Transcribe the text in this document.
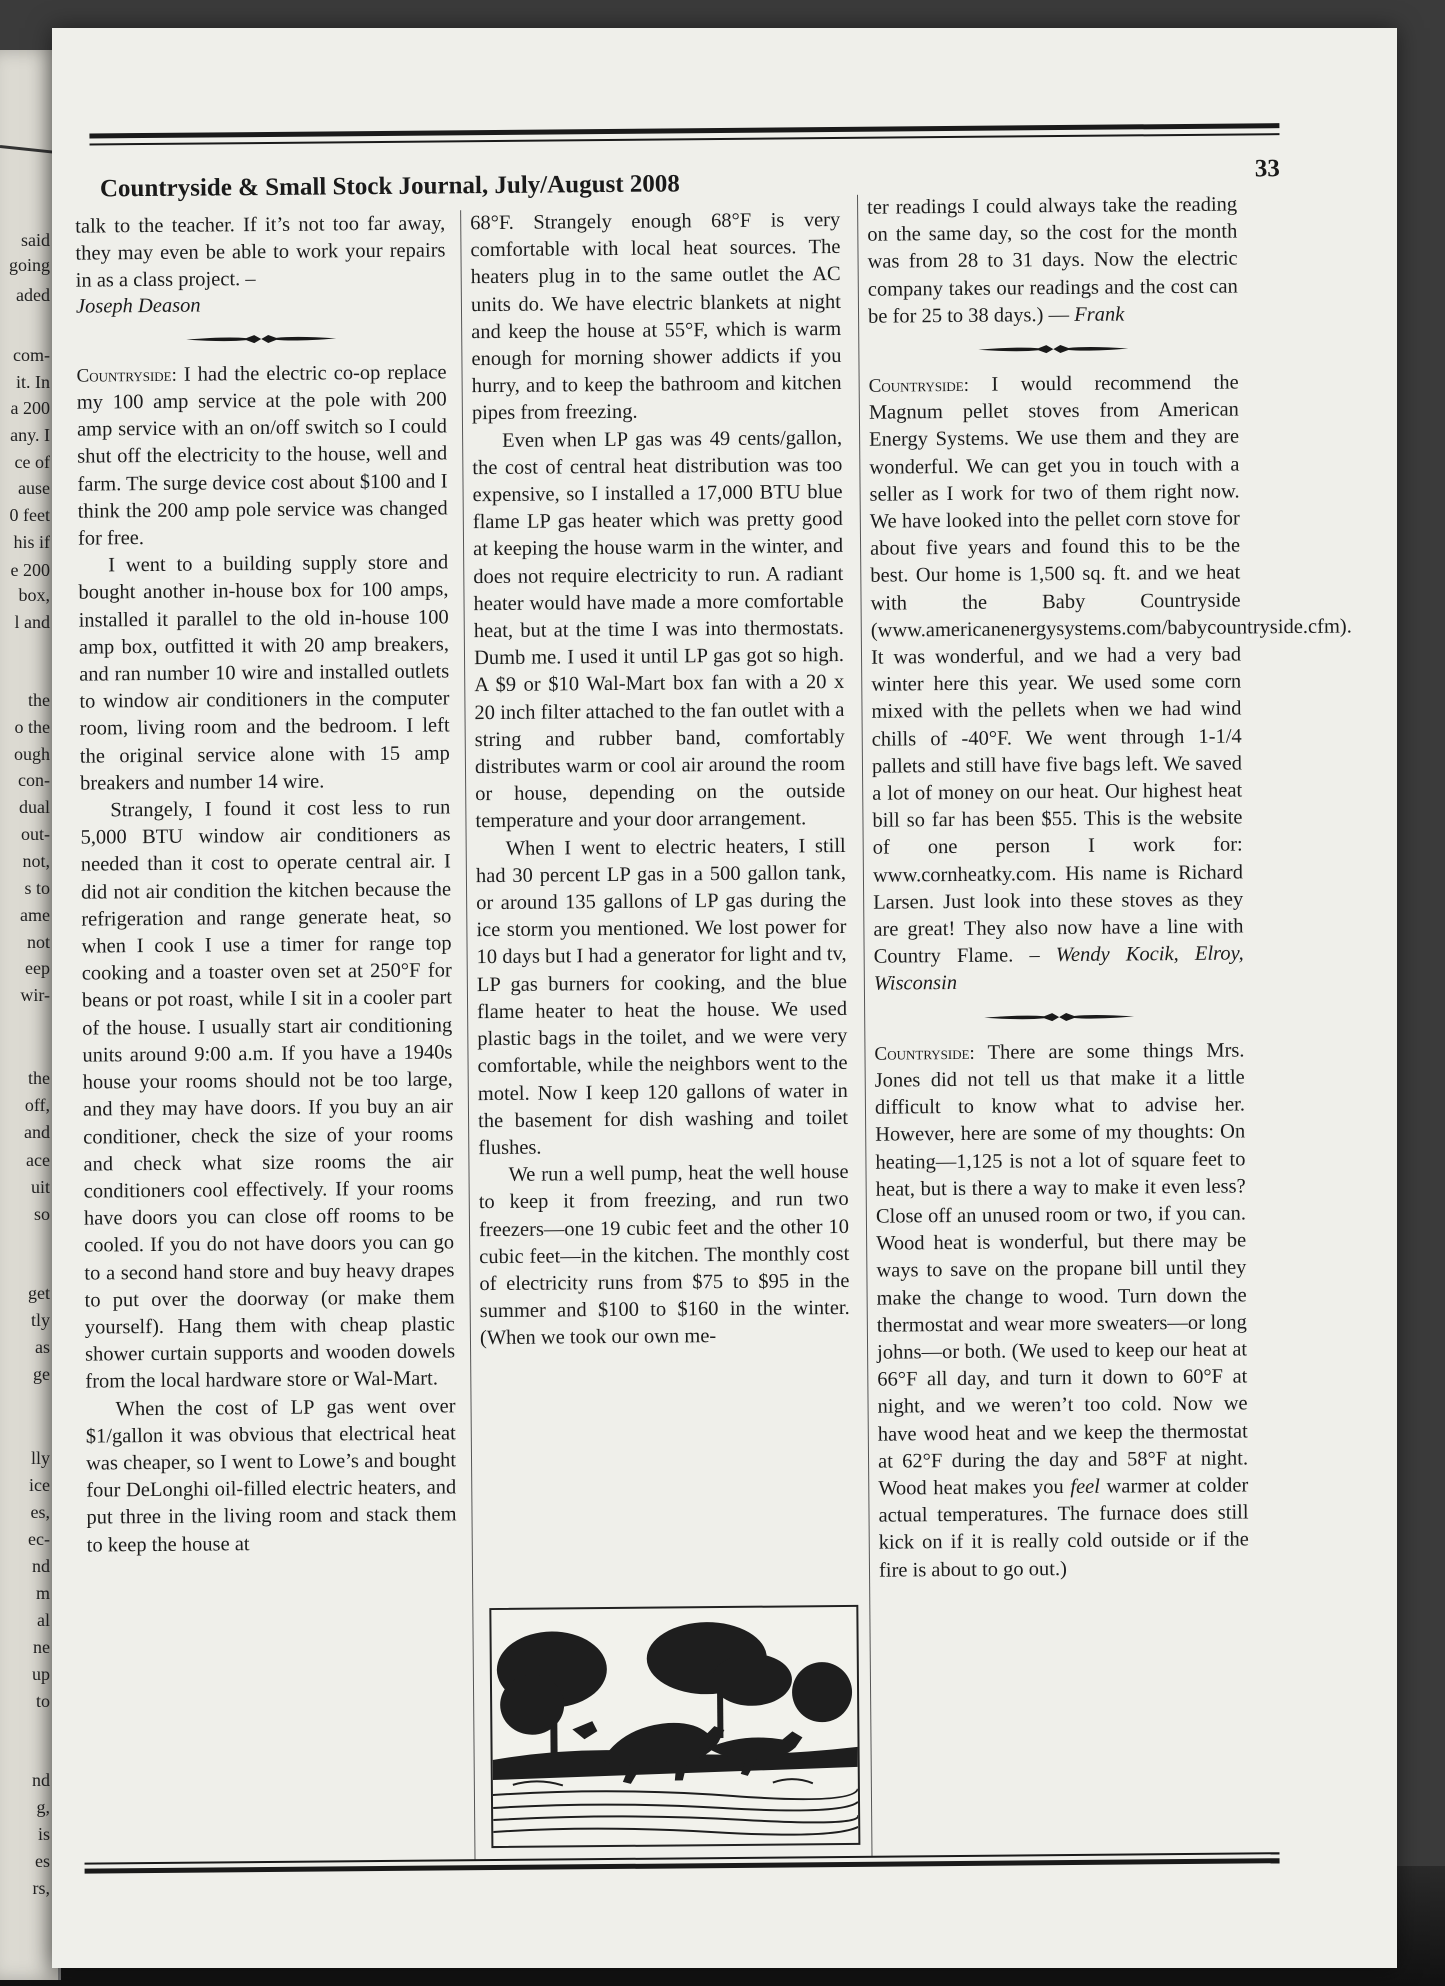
said
going
aded
com-
it. In
a 200
any. I
ce of
ause
0 feet
his if
e 200
box,
l and
the
o the
ough
con-
dual
out-
not,
s to
ame
not
eep
wir-
the
off,
and
ace
uit
so
get
tly
as
ge
lly
ice
es,
ec-
nd
m
al
ne
up
to
nd
g,
is
es
rs,
Countryside & Small Stock Journal, July/August 2008
33

talk to the teacher. If it’s not too far away, they may even be able to work your repairs in as a class project. –

Joseph Deason

Countryside: I had the electric co-op replace my 100 amp service at the pole with 200 amp service with an on/off switch so I could shut off the electricity to the house, well and farm. The surge device cost about $100 and I think the 200 amp pole service was changed for free.

I went to a building supply store and bought another in-house box for 100 amps, installed it parallel to the old in-house 100 amp box, outfitted it with 20 amp breakers, and ran number 10 wire and installed outlets to window air conditioners in the computer room, living room and the bedroom. I left the original service alone with 15 amp breakers and number 14 wire.

Strangely, I found it cost less to run 5,000 BTU window air conditioners as needed than it cost to operate central air. I did not air condition the kitchen because the refrigeration and range generate heat, so when I cook I use a timer for range top cooking and a toaster oven set at 250°F for beans or pot roast, while I sit in a cooler part of the house. I usually start air conditioning units around 9:00 a.m. If you have a 1940s house your rooms should not be too large, and they may have doors. If you buy an air conditioner, check the size of your rooms and check what size rooms the air conditioners cool effectively. If your rooms have doors you can close off rooms to be cooled. If you do not have doors you can go to a second hand store and buy heavy drapes to put over the doorway (or make them yourself). Hang them with cheap plastic shower curtain supports and wooden dowels from the local hardware store or Wal-Mart.

When the cost of LP gas went over $1/gallon it was obvious that electrical heat was cheaper, so I went to Lowe’s and bought four DeLonghi oil-filled electric heaters, and put three in the living room and stack them to keep the house at

68°F. Strangely enough 68°F is very comfortable with local heat sources. The heaters plug in to the same outlet the AC units do. We have electric blankets at night and keep the house at 55°F, which is warm enough for morning shower addicts if you hurry, and to keep the bathroom and kitchen pipes from freezing.

Even when LP gas was 49 cents/gallon, the cost of central heat distribution was too expensive, so I installed a 17,000 BTU blue flame LP gas heater which was pretty good at keeping the house warm in the winter, and does not require electricity to run. A radiant heater would have made a more comfortable heat, but at the time I was into thermostats. Dumb me. I used it until LP gas got so high. A $9 or $10 Wal-Mart box fan with a 20 x 20 inch filter attached to the fan outlet with a string and rubber band, comfortably distributes warm or cool air around the room or house, depending on the outside temperature and your door arrangement.

When I went to electric heaters, I still had 30 percent LP gas in a 500 gallon tank, or around 135 gallons of LP gas during the ice storm you mentioned. We lost power for 10 days but I had a generator for light and tv, LP gas burners for cooking, and the blue flame heater to heat the house. We used plastic bags in the toilet, and we were very comfortable, while the neighbors went to the motel. Now I keep 120 gallons of water in the basement for dish washing and toilet flushes.

We run a well pump, heat the well house to keep it from freezing, and run two freezers—one 19 cubic feet and the other 10 cubic feet—in the kitchen. The monthly cost of electricity runs from $75 to $95 in the summer and $100 to $160 in the winter. (When we took our own me-

ter readings I could always take the reading on the same day, so the cost for the month was from 28 to 31 days. Now the electric company takes our readings and the cost can be for 25 to 38 days.) — Frank

Countryside: I would recommend the Magnum pellet stoves from American Energy Systems. We use them and they are wonderful. We can get you in touch with a seller as I work for two of them right now. We have looked into the pellet corn stove for about five years and found this to be the best. Our home is 1,500 sq. ft. and we heat with the Baby Countryside (www.americanenergysystems.com/babycountryside.cfm). It was wonderful, and we had a very bad winter here this year. We used some corn mixed with the pellets when we had wind chills of -40°F. We went through 1-1/4 pallets and still have five bags left. We saved a lot of money on our heat. Our highest heat bill so far has been $55. This is the website of one person I work for: www.cornheatky.com. His name is Richard Larsen. Just look into these stoves as they are great! They also now have a line with Country Flame. – Wendy Kocik, Elroy, Wisconsin

Countryside: There are some things Mrs. Jones did not tell us that make it a little difficult to know what to advise her. However, here are some of my thoughts: On heating—1,125 is not a lot of square feet to heat, but is there a way to make it even less? Close off an unused room or two, if you can. Wood heat is wonderful, but there may be ways to save on the propane bill until they make the change to wood. Turn down the thermostat and wear more sweaters—or long johns—or both. (We used to keep our heat at 66°F all day, and turn it down to 60°F at night, and we weren’t too cold. Now we have wood heat and we keep the thermostat at 62°F during the day and 58°F at night. Wood heat makes you feel warmer at colder actual temperatures. The furnace does still kick on if it is really cold outside or if the fire is about to go out.)
